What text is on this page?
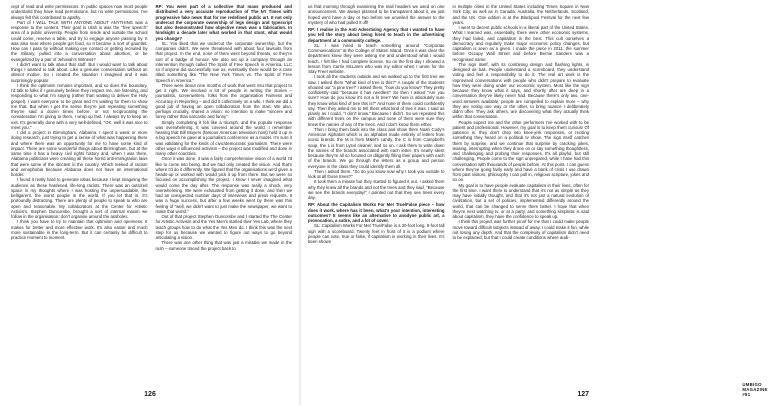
cept of read and write permissions. In public spaces now most people understand they have read permissions, but no write permissions. I've always felt this contributed to apathy.

Part of I WILL TALK WITH ANYONE ABOUT ANYTHING was a response to the content. Their goal in Utah is was the "free speech" area of a public university. People from inside and outside the school could come, reserve a table, and try to engage anyone passing by. It was also near where people got food, so it became a sort of gauntlet. How can I pass by without making eye contact or getting recruited by the military, pulled into a conversation about abortion, or be evangelized by a pair of Jehovah's Witness?

I didn't want to talk about that stuff. But I would want to talk about things I wanted to talk about. Like a genuine conversation without an ulterior motive. So I created the situation I imagined and it was surprisingly popular.

I think the optimism remains important, and so does the boundary. I'd talk to folks if I genuinely believe they respect me, are listening, and responding to what I'm saying (rather than waiting to deliver the Holy gospel). I want everyone to be great and I'm waiting for them to show me that. But when I get the sense they're just repeating something they've said a dozen times before, or not reciprocating the consideration I'm giving to them, I wrap up fast. I always try to keep an exit. It's generally done with a very well-defined, "OK, well it was nice to meet you."

I did a project in Birmingham, Alabama. I spent a week or more doing research, just trying to get a sense of what was happening there and where there was an opportunity for me to have some kind of impact. There are some wonderful things about Birmingham, but at the same time it has a heavy civil rights history and, when I was there, Alabama politicians were creating all these horrid anti-immigration laws that were some of the strictest in the country. Which reeked of racism and xenophobia because Alabama does not have an international border.

I found it really hard to generate ideas because I kept imagining the audience as these hardened, life-long racists. There was an outsized space in my thoughts where I was hosting the unpersuadable, the belligerent, the worst people in the world. If you let that in, it's profoundly distracting. There are plenty of people to speak to who are open and reasonable. My collaborators at the Center for Artistic Activism, Stephen Duncombe, brought a sort of internal maxim we follow in the organisation: don't organise around the assholes.

I think you have to try to maintain that optimism and openness. It makes for better and more effective work. It's also easier and much more sustainable in the long-term. But it can certainly be difficult to practice moment to moment.

RP: You were part of a collective that mass produced and distributed a very accurate reproduction of The NY Times with progressive fake news that for me redefined public art. It not only undercut the corporate ownership of legs design and typescript but also demonstrated how objective news was a fabrication. In hindsight a decade later what worked in that stunt, what would you change?

SL: You liked that we undercut the corporate ownership, but the companies didn't. We were threatened with about four lawsuits from that project. In the end, none of them went beyond threats, so they're sort of a badge of honour. We also set up a company through an intervention through called The Spirit of Free Speech in America, LLC so if anyone did successfully sue us, eventually there would be a case titled something like "The New York Times vs. The Spirit of Free Speech in America."

There were about nine months of work that went into that project to get it right. We involved a lot of people in writing the stories – journalists, screenwriters, folks from the organisation Fairness and Accuracy in Reporting – and did it collectively on a wiki. I think we did a good job of having an open collaboration from the start. We also, perhaps crucially, shared a vision: no intention to make "sincere and funny rather than sarcastic and funny".

Simply completing it felt like a triumph, and the popular response was overwhelming. It was covered around the world. I remember hearing that Bill Moyers (famous American television host) held it up in a big speech he gave at a journalism conference as a model. I'm sure it was validating for the kinds of civic/democratic journalism. There were other ways it influenced activism – the project was modified and done in many other countries.

Once it was done, it was a fairly comprehensive vision of a world I'd like to come into being. But we had only created the vision. And that's where I'd do it differently. We figured that the organisations we'd given a heads-up or worked with would pick it up from there. But we were so focused on accomplishing the project, I know I never imagined what would come the day after. The response was really a shock, very overwhelming. We were exhausted from getting it done, and then we had an unexpected number days of interviews and press requests. It was a huge success, but after a few weeks went by there was this feeling of "well, we didn't want to just make the newspaper, we want to make that world."

Out of that project Stephen Duncombe and I started the The Center for Artistic Activism and the Yes Men's started their Yes Lab, where they teach groups how to do what the Yes Men do. I think this was the next step for us because we wanted to figure out ways to go beyond articulating a vision.

There was one other thing that was just a mistake we made in the rush – someone traced the project back to

126

us that morning through examining the mail headers we used on one announcement. We always planned to be transparent about it, we just hoped we'd have a day or two before we unveiled the answer to the mystery of who had pulled it off!

RP: I realise in the Anti Advertising Agency that I wanted to have you tell the story about being hired to teach in the advertising department at a community college.

SL: I was hired to teach something around "Corporate Communications" at the College of Staten Island. Once it was clear the department knew they were asking me and understood what I would teach, I felt like I had complete license. So on the first day I showed a lesson from Carrie McLaren who was my editor when I wrote for the Stay Free! website.

I took all the students outside and we walked up to the first tree we saw. I asked them "What kind of tree is this?" A couple of the students shouted out "a pine tree!" I asked them, "how do you know? They pretty confidently said "because it has needles!" So then I asked "Are you sure? How do you know it's not a fir tree? We here is absolutely sure they know what kind of tree this is?" And none of them could confidently say. Then they asked me to tell them what kind of tree it was. I said as plainly as I could, "I don't know." Because I didn't. So we repeated this with different trees on the campus and none of them were sure they knew the names of any of the trees. And I don't know them either.

Then I bring them back into the class and show them Noah Cody's American Alphabet which is an alphabet made entirely of letters from iconic brands, the M is from M&M's candy, the C is from Campbell's soup, the L is from Lysol cleaner, and so on. I ask them to write down the names of the brands associated with each letter. It's nearly silent because they're all so focused on diligently filling their papers with each of the brands. We go through the letters as a group and person everyone in the class they could identify them all.

Then I asked them, "So do you know now why I took you outside to look at all those trees?"

It took them a minute but they started to figured it out. I asked them why they knew all the brands and not the trees and they said, "Because we see the brands everyday!" I pointed out that they see trees every day.

RP: About the Capitalism Works For Me! True/False piece – how does it work, where has it been, what's your intention, interesting outcomes? It seems like an alternative to anodyne public art, a provocation, a satire, and a lot of cover.

SL: Capitalism Works For Me! True/False is a 20-foot long, 9-foot tall sign with a scoreboard. Twenty feet in front of it is a podium where people can vote, true or false, if capitalism is working in their lives. It's been shown

in multiple cities in the United States including Times Square in New York City, as well as in Canada, Australia, the Netherlands, Scotland, and the UK. One edition is at the Blackpool Festival for the next few years.

I went to decent public schools in a liberal part of the United States. What I learned was, essentially, there were other economic systems, they had failed, and capitalism is the best. This cult ourselves a democracy and regularly make major economic policy changes, but capitalism is seen as a given. I made the piece in 2011, the summer before Occupy Wall Street and before Bernie Sanders was a recognised name.

The sign itself, with its combining design and flashing lights, is designed as bait. People understand a scoreboard, they understand voting and feel a responsibility to do it. The real art work is the improvised conversations with people who didn't prepare to evaluate how they were doing under our economic system. Most like the sign because they know what it says, and shortly after are deep in a conversation they've likely never had. Because there's only two, one-word answers available, people are compelled to explain more – why they are voting one way or the other, to bring nuance I deliberately didn't offer. They ask others, are discovering what they actually think within that conversation.

People expect me and the other performers I've worked with to be patient and professional. However, my goal is to keep them curious! Of patience is: they don't drop into knee-jerk responses, or reciting something they heard on a political tv show. The sign itself catches them by surprise, and we continue that surprise by cracking jokes, teasing, interrupting when they drone on or say something thoughtless, and challenging and probing their responses. It's all playful, but still challenging. People come to the sign unprepared, while I have had this conversation with thousands of people before. At this point, I can guess where they've going fairly early and have a bank of crisis I use drawn from past visitors, philosophy I can pull in, religious scripture, jokes and so on.

My goal is to have people evaluate capitalism in their lives, often for the first time. I want them to understand that it's not as simple as they may have initially thought, and that it's not just a natural evolution of civilization, but a set of policies, implemented differently around the world, that can be changed to serve them better. I hope that when they're next watching tv, or at a party, and something simplistic is said about capitalism, they have the confidence to speak up.

I think this project was further proof for me that I could make people move toward difficult subjects instead of away. I could make it fun, while not losing any depth. And that the complexity of capitalism didn't need to be explained, but that I could create conditions where audi-

UMBIGO MAGAZINE #81
127
